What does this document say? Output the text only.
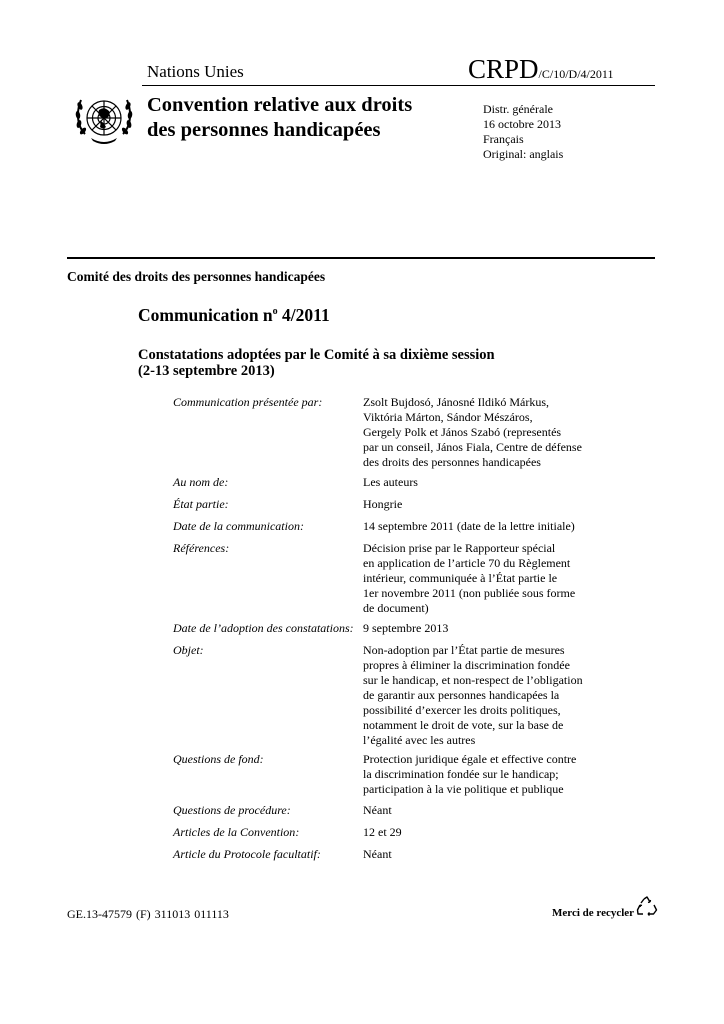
Nations Unies	CRPD/C/10/D/4/2011
Convention relative aux droits
des personnes handicapées
Distr. générale
16 octobre 2013
Français
Original: anglais
Comité des droits des personnes handicapées
Communication $n^o$ 4/2011
Constatations adoptées par le Comité à sa dixième session
(2-13 septembre 2013)
Communication présentée par:	Zsolt Bujdosó, Jánosné Ildikó Márkus,
Viktória Márton, Sándor Mészáros,
Gergely Polk et János Szabó (representés
par un conseil, János Fiala, Centre de défense
des droits des personnes handicapées
Au nom de:	Les auteurs
État partie:	Hongrie
Date de la communication:	14 septembre 2011 (date de la lettre initiale)
Références:	Décision prise par le Rapporteur spécial
en application de l’article 70 du Règlement
intérieur, communiquée à l’État partie le
1er novembre 2011 (non publiée sous forme
de document)
Date de l’adoption des constatations: 9 septembre 2013
Objet:	Non-adoption par l’État partie de mesures
propres à éliminer la discrimination fondée
sur le handicap, et non-respect de l’obligation
de garantir aux personnes handicapées la
possibilité d’exercer les droits politiques,
notamment le droit de vote, sur la base de
l’égalité avec les autres
Questions de fond:	Protection juridique égale et effective contre
la discrimination fondée sur le handicap;
participation à la vie politique et publique
Questions de procédure:	Néant
Articles de la Convention:	12 et 29
Article du Protocole facultatif:	Néant
GE.13-47579 (F) 311013 011113	Merci de recycler
